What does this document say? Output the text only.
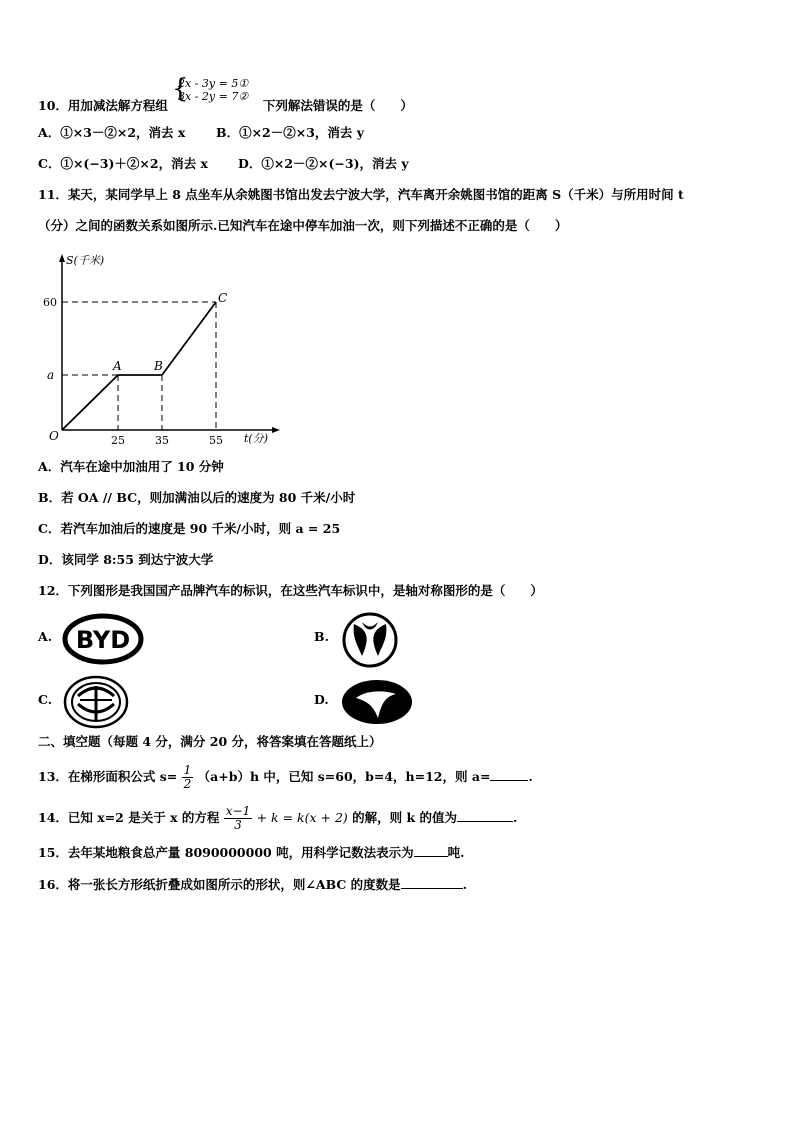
{
2x - 3y = 5①
3x - 2y = 7②
10．用加减法解方程组	下列解法错误的是（　　）
A．①×3－②×2，消去 x B．①×2－②×3，消去 y
C．①×(−3)＋②×2，消去 x D．①×2－②×(−3)，消去 y
11．某天，某同学早上 8 点坐车从余姚图书馆出发去宁波大学，汽车离开余姚图书馆的距离 S（千米）与所用时间 t
（分）之间的函数关系如图所示.已知汽车在途中停车加油一次，则下列描述不正确的是（　　）
S(千米)
60
a
O	25	35	55 t(分)
A	B
C
A．汽车在途中加油用了 10 分钟
B．若 OA // BC，则加满油以后的速度为 80 千米/小时
C．若汽车加油后的速度是 90 千米/小时，则 a = 25
D．该同学 8:55 到达宁波大学
12．下列图形是我国国产品牌汽车的标识，在这些汽车标识中，是轴对称图形的是（　　）
A. BYD	B.
C.	D.
二、填空题（每题 4 分，满分 20 分，将答案填在答题纸上）
13．在梯形面积公式 $s= \frac{1}{2} (a+b)h$ 中，已知 s=60，b=4，h=12，则 a=	.
14．已知 x=2 是关于 x 的方程 $\frac{x-1}{3} + k = k(x + 2)$ 的解，则 k 的值为	.
15．去年某地粮食总产量 8090000000 吨，用科学记数法表示为	吨.
16．将一张长方形纸折叠成如图所示的形状，则∠ABC 的度数是	.
